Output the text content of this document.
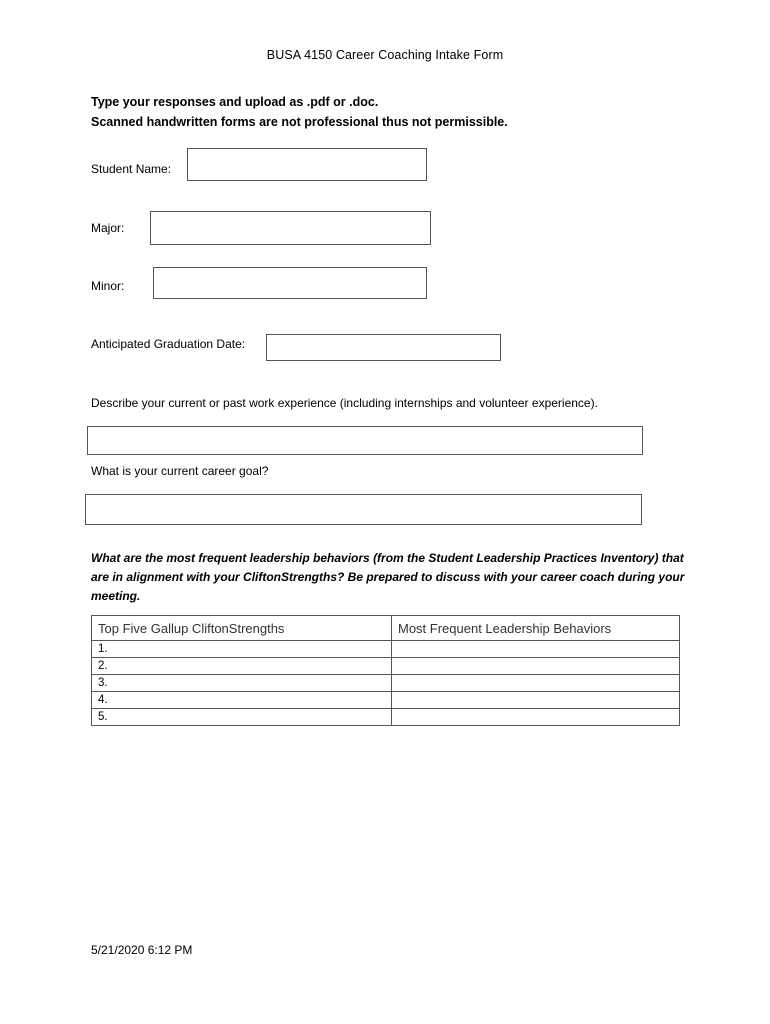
BUSA 4150 Career Coaching Intake Form
Type your responses and upload as .pdf or .doc.
Scanned handwritten forms are not professional thus not permissible.
Student Name:
Major:
Minor:
Anticipated Graduation Date:
Describe your current or past work experience (including internships and volunteer experience).
What is your current career goal?
What are the most frequent leadership behaviors (from the Student Leadership Practices Inventory) that are in alignment with your CliftonStrengths? Be prepared to discuss with your career coach during your meeting.
Top Five Gallup CliftonStrengths	Most Frequent Leadership Behaviors
1.	
2.	
3.	
4.	
5.	
5/21/2020 6:12 PM
